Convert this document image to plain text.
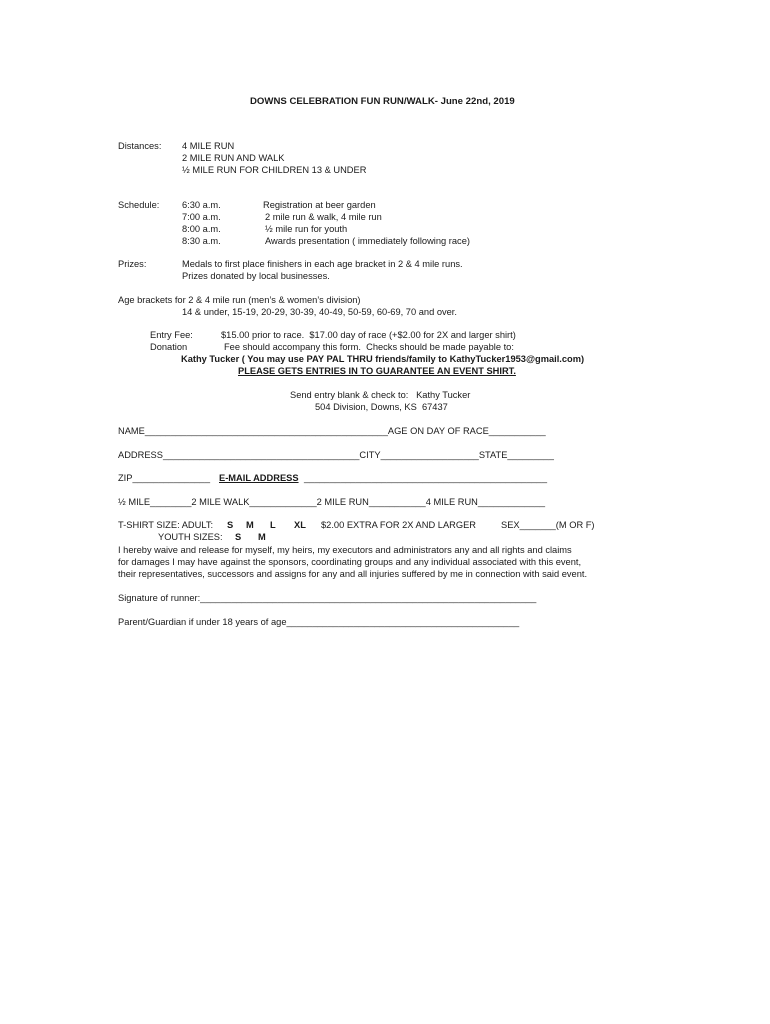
DOWNS CELEBRATION FUN RUN/WALK- June 22nd, 2019
Distances: 4 MILE RUN
2 MILE RUN AND WALK
½ MILE RUN FOR CHILDREN 13 & UNDER
Schedule: 6:30 a.m.	Registration at beer garden
7:00 a.m.	2 mile run & walk, 4 mile run
8:00 a.m.	½ mile run for youth
8:30 a.m.	Awards presentation ( immediately following race)
Prizes:	Medals to first place finishers in each age bracket in 2 & 4 mile runs.
Prizes donated by local businesses.
Age brackets for 2 & 4 mile run (men’s & women’s division)
14 & under, 15-19, 20-29, 30-39, 40-49, 50-59, 60-69, 70 and over.
Entry Fee:	$15.00 prior to race.  $17.00 day of race (+$2.00 for 2X and larger shirt)
Donation	Fee should accompany this form.  Checks should be made payable to:
Kathy Tucker ( You may use PAY PAL THRU friends/family to KathyTucker1953@gmail.com)
PLEASE GETS ENTRIES IN TO GUARANTEE AN EVENT SHIRT.
Send entry blank & check to:   Kathy Tucker
504 Division, Downs, KS  67437
NAME_______________________________________________AGE ON DAY OF RACE___________
ADDRESS______________________________________CITY___________________STATE_________
ZIP_______________ E-MAIL ADDRESS _______________________________________________
½ MILE________2 MILE WALK_____________2 MILE RUN___________4 MILE RUN_____________
T-SHIRT SIZE: ADULT: S M L XL $2.00 EXTRA FOR 2X AND LARGER	SEX_______(M OR F)
YOUTH SIZES: S M
I hereby waive and release for myself, my heirs, my executors and administrators any and all rights and claims
for damages I may have against the sponsors, coordinating groups and any individual associated with this event,
their representatives, successors and assigns for any and all injuries suffered by me in connection with said event.
Signature of runner:_________________________________________________________________
Parent/Guardian if under 18 years of age_____________________________________________
